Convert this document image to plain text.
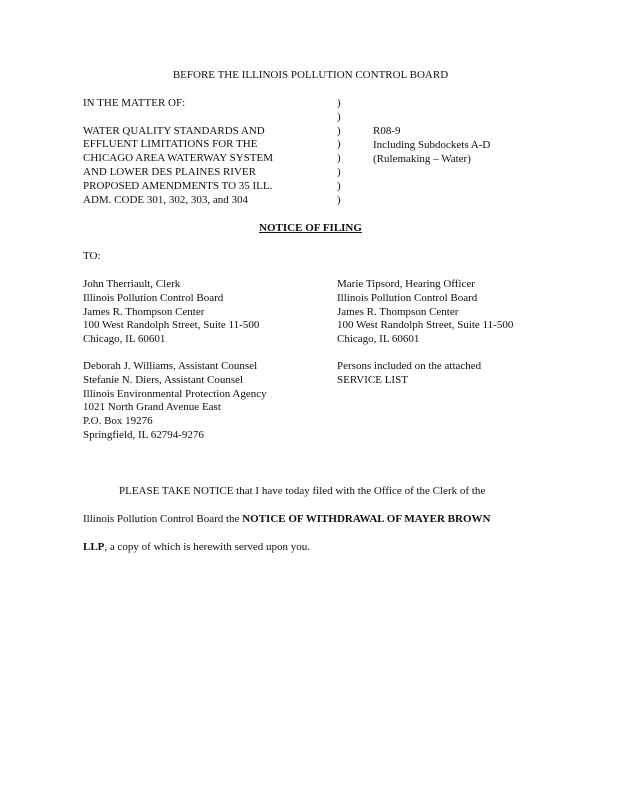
BEFORE THE ILLINOIS POLLUTION CONTROL BOARD
IN THE MATTER OF:

WATER QUALITY STANDARDS AND
EFFLUENT LIMITATIONS FOR THE
CHICAGO AREA WATERWAY SYSTEM
AND LOWER DES PLAINES RIVER
PROPOSED AMENDMENTS TO 35 ILL.
ADM. CODE 301, 302, 303, and 304
)
)
)
)
)
)
)
)
R08-9
Including Subdockets A-D
(Rulemaking – Water)
NOTICE OF FILING
TO:
John Therriault, Clerk
Illinois Pollution Control Board
James R. Thompson Center
100 West Randolph Street, Suite 11-500
Chicago, IL 60601
Marie Tipsord, Hearing Officer
Illinois Pollution Control Board
James R. Thompson Center
100 West Randolph Street, Suite 11-500
Chicago, IL 60601
Deborah J. Williams, Assistant Counsel
Stefanie N. Diers, Assistant Counsel
Illinois Environmental Protection Agency
1021 North Grand Avenue East
P.O. Box 19276
Springfield, IL 62794-9276
Persons included on the attached
SERVICE LIST
PLEASE TAKE NOTICE that I have today filed with the Office of the Clerk of the
Illinois Pollution Control Board the NOTICE OF WITHDRAWAL OF MAYER BROWN
LLP, a copy of which is herewith served upon you.
